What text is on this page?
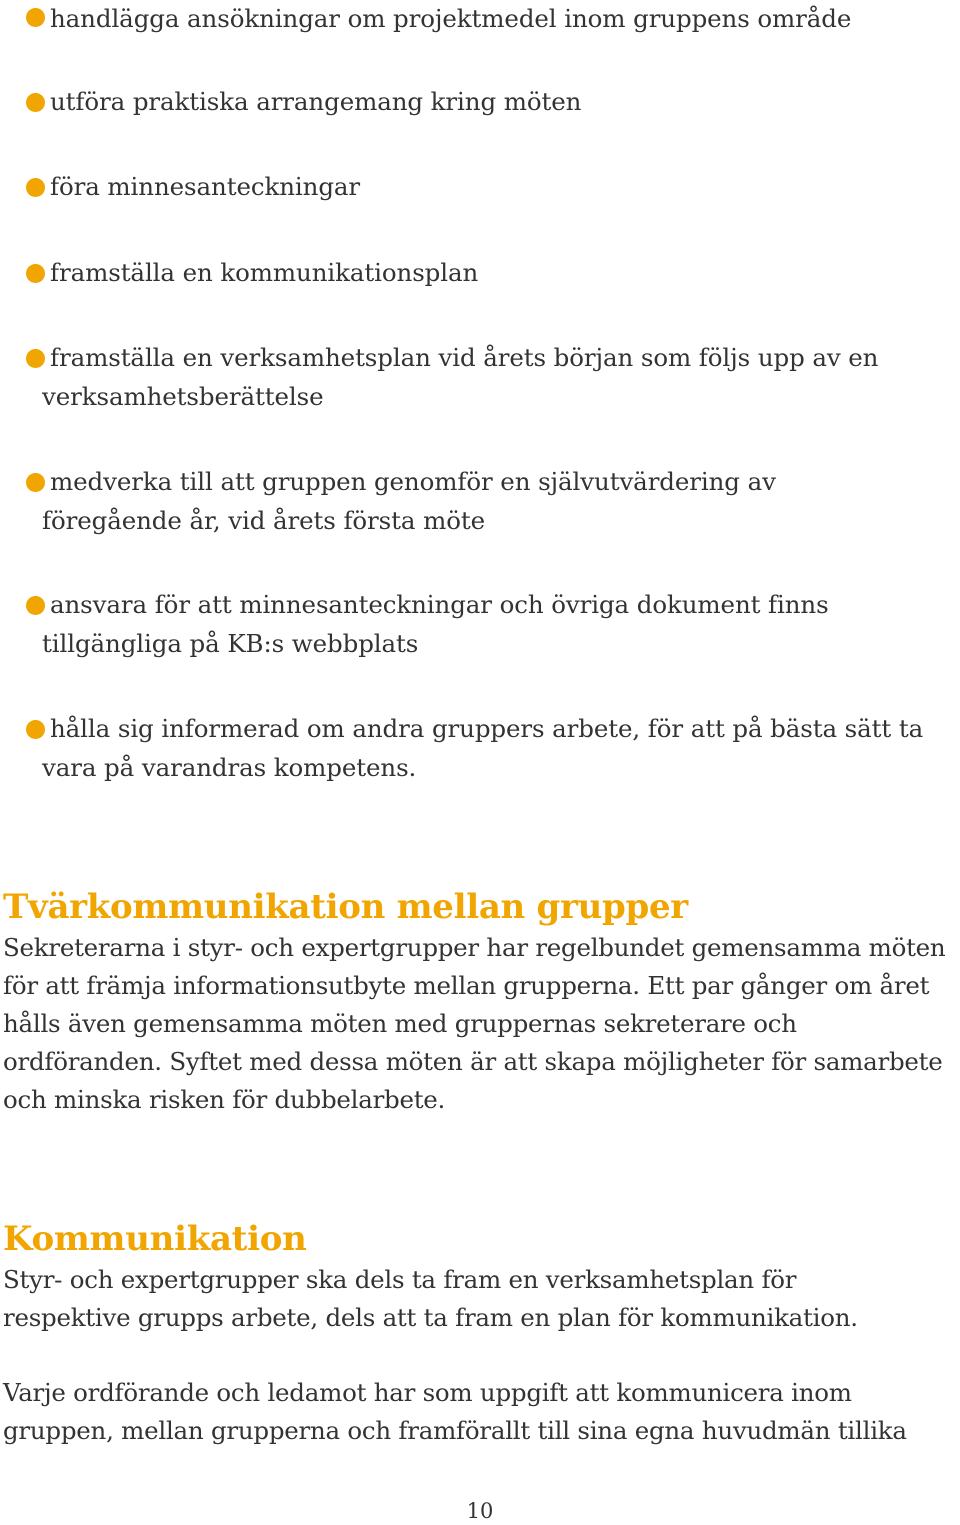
handlägga ansökningar om projektmedel inom gruppens område
utföra praktiska arrangemang kring möten
föra minnesanteckningar
framställa en kommunikationsplan
framställa en verksamhetsplan vid årets början som följs upp av en verksamhetsberättelse
medverka till att gruppen genomför en självutvärdering av föregående år, vid årets första möte
ansvara för att minnesanteckningar och övriga dokument finns tillgängliga på KB:s webbplats
hålla sig informerad om andra gruppers arbete, för att på bästa sätt ta vara på varandras kompetens.
Tvärkommunikation mellan grupper

Sekreterarna i styr- och expertgrupper har regelbundet gemensamma möten för att främja informationsutbyte mellan grupperna. Ett par gånger om året hålls även gemensamma möten med gruppernas sekreterare och ordföranden. Syftet med dessa möten är att skapa möjligheter för samarbete och minska risken för dubbelarbete.

Kommunikation

Styr- och expertgrupper ska dels ta fram en verksamhetsplan för respektive grupps arbete, dels att ta fram en plan för kommunikation.

Varje ordförande och ledamot har som uppgift att kommunicera inom gruppen, mellan grupperna och framförallt till sina egna huvudmän tillika

10
